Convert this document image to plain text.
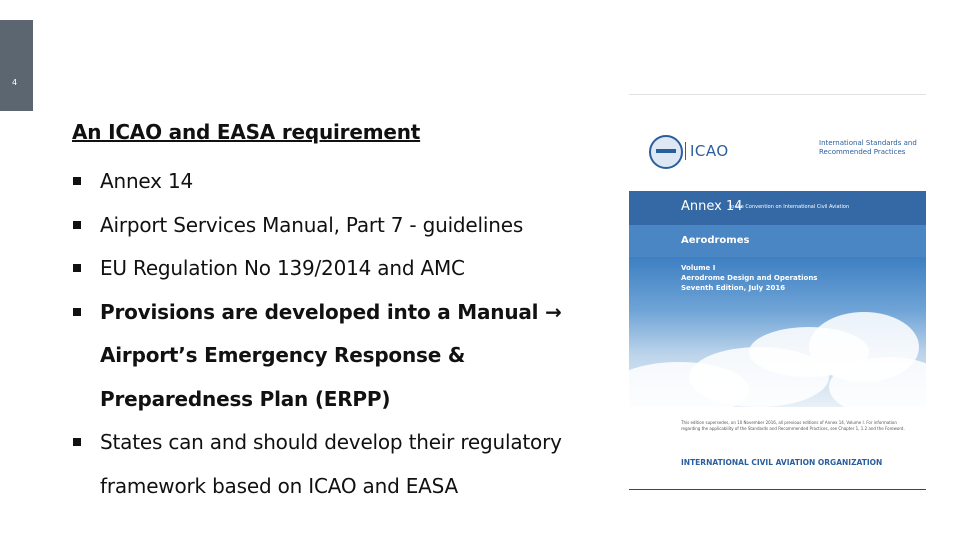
4
An ICAO and EASA requirement
Annex 14
Airport Services Manual, Part 7 - guidelines
EU Regulation No 139/2014 and AMC
Provisions are developed into a Manual →
Airport’s Emergency Response &
Preparedness Plan (ERPP)
States can and should develop their regulatory
framework based on ICAO and EASA
ICAO	International Standards and Recommended Practices
Annex 14
to the Convention on International Civil Aviation
Aerodromes
Volume I
Aerodrome Design and Operations
Seventh Edition, July 2016
This edition supersedes, on 10 November 2016, all previous editions of Annex 14, Volume I. For information regarding the applicability of the Standards and Recommended Practices, see Chapter 1, 1.2 and the Foreword.
INTERNATIONAL CIVIL AVIATION ORGANIZATION
